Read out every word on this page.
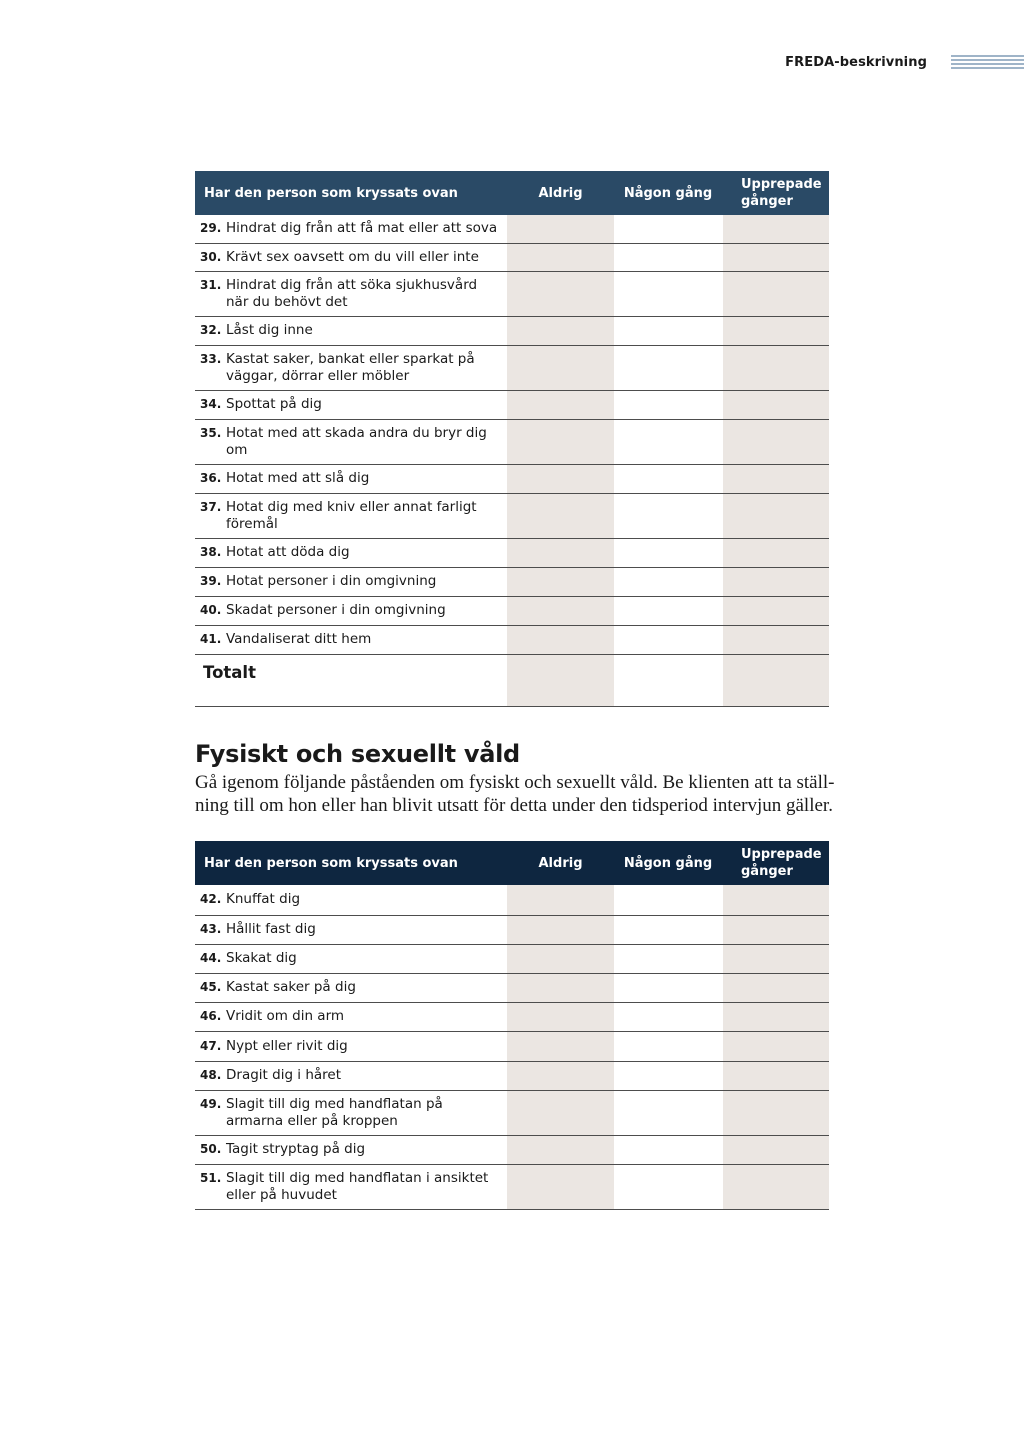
FREDA-beskrivning
Har den person som kryssats ovan	Aldrig	Någon gång	Upprepade gånger

29. Hindrat dig från att få mat eller att sova			

30. Krävt sex oavsett om du vill eller inte			

31. Hindrat dig från att söka sjukhusvård när du behövt det			

32. Låst dig inne			

33. Kastat saker, bankat eller sparkat på väggar, dörrar eller möbler			

34. Spottat på dig			

35. Hotat med att skada andra du bryr dig om			

36. Hotat med att slå dig			

37. Hotat dig med kniv eller annat farligt föremål			

38. Hotat att döda dig			

39. Hotat personer i din omgivning			

40. Skadat personer i din omgivning			

41. Vandaliserat ditt hem			

Totalt			
Fysiskt och sexuellt våld

Gå igenom följande påståenden om fysiskt och sexuellt våld. Be klienten att ta ställ-ning till om hon eller han blivit utsatt för detta under den tidsperiod intervjun gäller.

Har den person som kryssats ovan	Aldrig	Någon gång	Upprepade gånger

42. Knuffat dig			

43. Hållit fast dig			

44. Skakat dig			

45. Kastat saker på dig			

46. Vridit om din arm			

47. Nypt eller rivit dig			

48. Dragit dig i håret			

49. Slagit till dig med handflatan på armarna eller på kroppen			

50. Tagit stryptag på dig			

51. Slagit till dig med handflatan i ansiktet eller på huvudet			
